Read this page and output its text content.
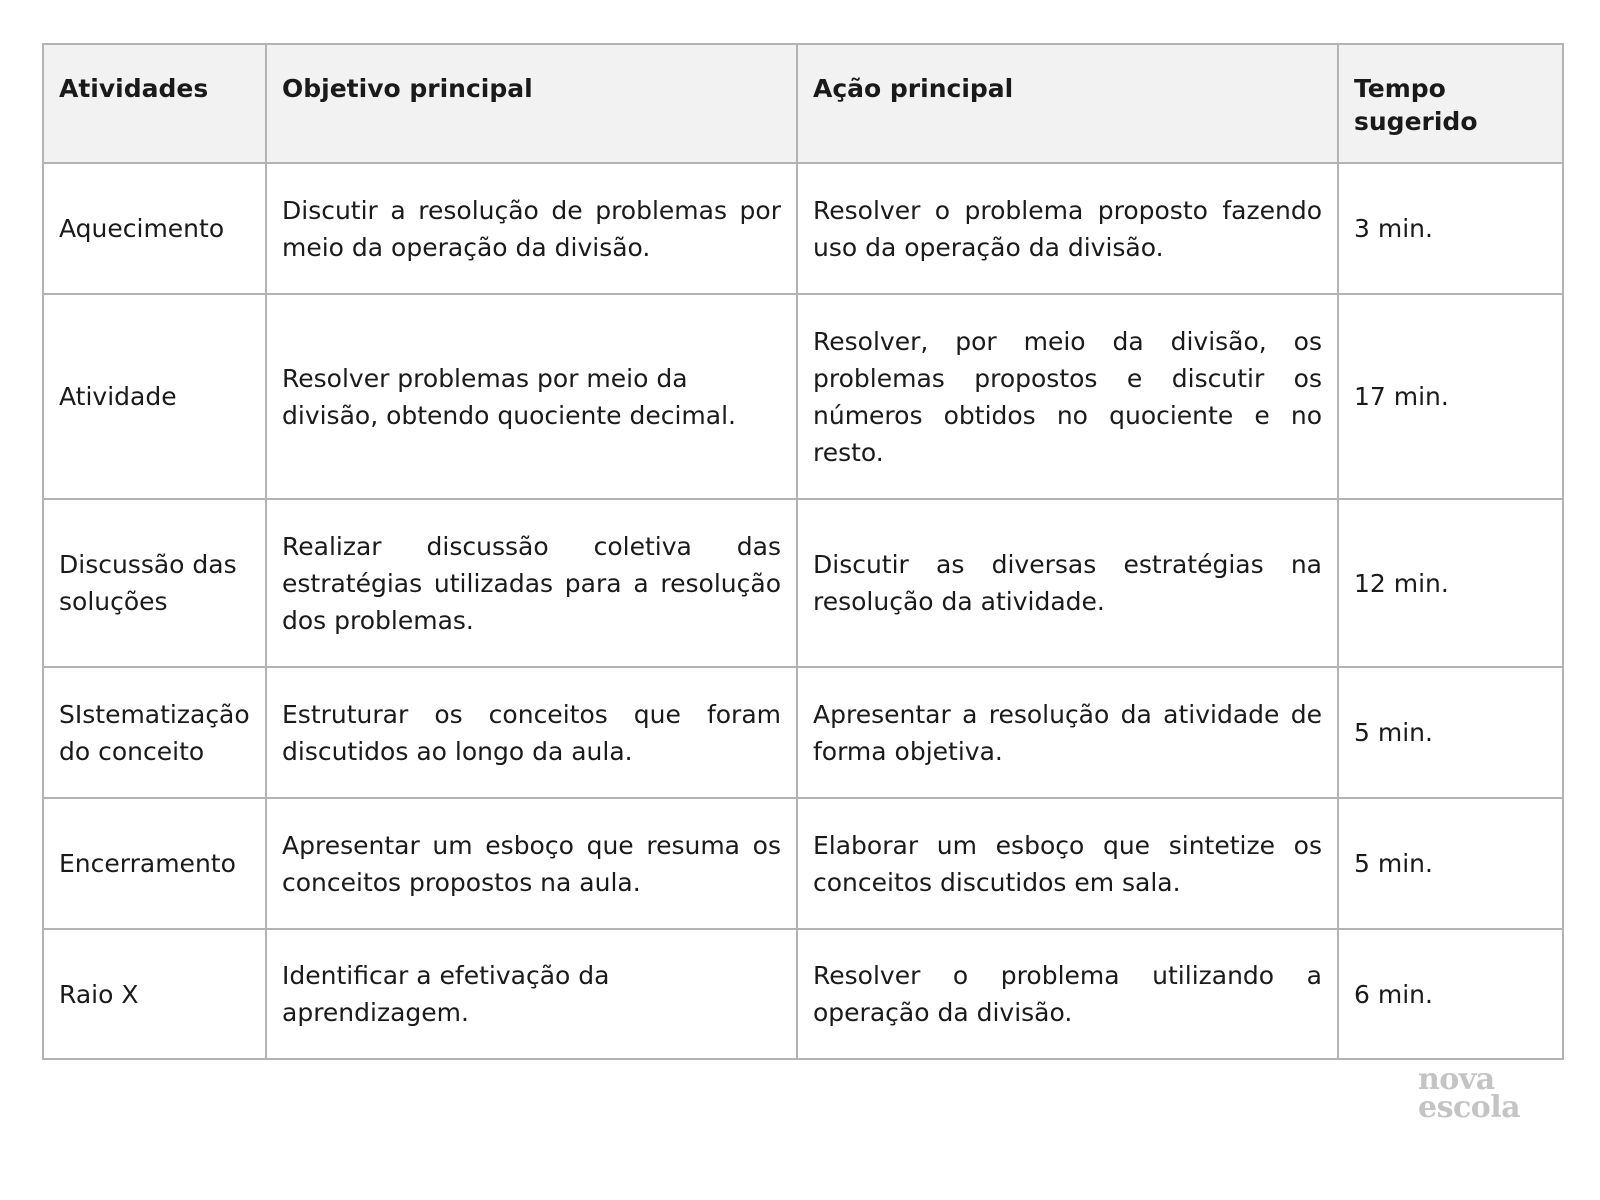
Atividades	Objetivo principal	Ação principal	Tempo sugerido
Aquecimento	Discutir a resolução de problemas por meio da operação da divisão.	Resolver o problema proposto fazendo uso da operação da divisão.	3 min.
Atividade	Resolver problemas por meio da divisão, obtendo quociente decimal.	Resolver, por meio da divisão, os problemas propostos e discutir os números obtidos no quociente e no resto.	17 min.
Discussão das soluções	Realizar discussão coletiva das estratégias utilizadas para a resolução dos problemas.	Discutir as diversas estratégias na resolução da atividade.	12 min.
SIstematização do conceito	Estruturar os conceitos que foram discutidos ao longo da aula.	Apresentar a resolução da atividade de forma objetiva.	5 min.
Encerramento	Apresentar um esboço que resuma os conceitos propostos na aula.	Elaborar um esboço que sintetize os conceitos discutidos em sala.	5 min.
Raio X	Identificar a efetivação da aprendizagem.	Resolver o problema utilizando a operação da divisão.	6 min.
nova
escola
